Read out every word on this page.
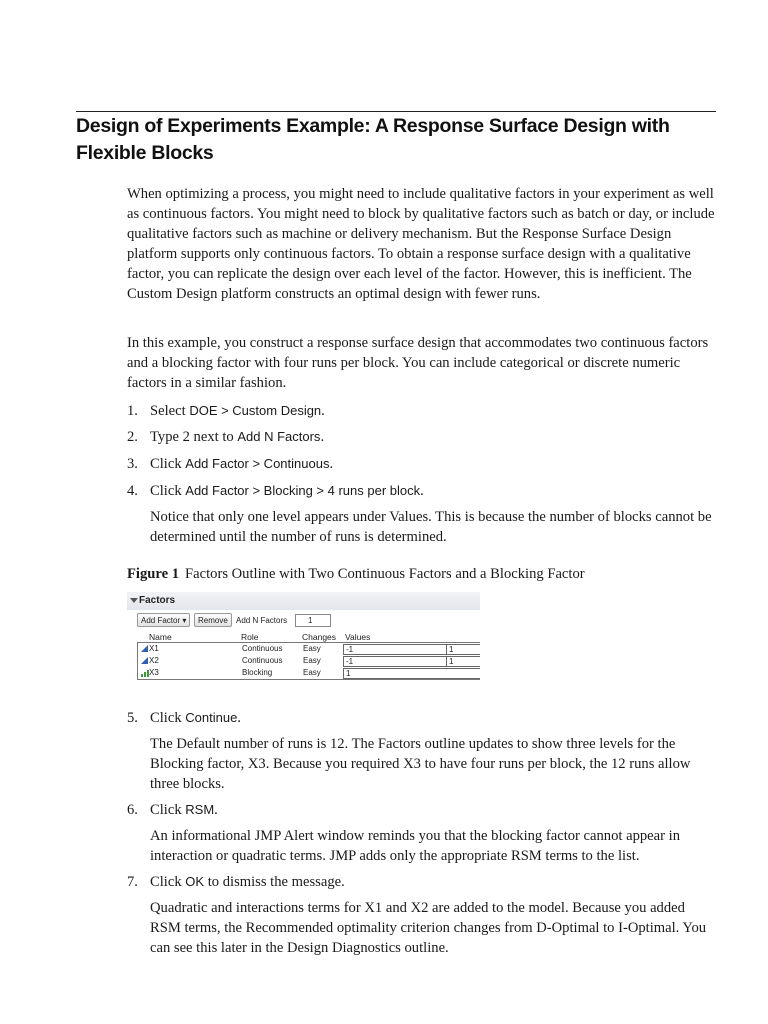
Design of Experiments Example: A Response Surface Design with Flexible Blocks

When optimizing a process, you might need to include qualitative factors in your experiment as well as continuous factors. You might need to block by qualitative factors such as batch or day, or include qualitative factors such as machine or delivery mechanism. But the Response Surface Design platform supports only continuous factors. To obtain a response surface design with a qualitative factor, you can replicate the design over each level of the factor. However, this is inefficient. The Custom Design platform constructs an optimal design with fewer runs.

In this example, you construct a response surface design that accommodates two continuous factors and a blocking factor with four runs per block. You can include categorical or discrete numeric factors in a similar fashion.

1. Select DOE > Custom Design.
2. Type 2 next to Add N Factors.
3. Click Add Factor > Continuous.
4. Click Add Factor > Blocking > 4 runs per block.

Notice that only one level appears under Values. This is because the number of blocks cannot be determined until the number of runs is determined.

Figure 1 Factors Outline with Two Continuous Factors and a Blocking Factor
Factors
Add Factor ▾	Remove	Add N Factors	1
Name	Role	Changes Values
X1	Continuous	Easy	-1	1
X2	Continuous	Easy	-1	1
X3	Blocking	Easy	1
5. Click Continue.

The Default number of runs is 12. The Factors outline updates to show three levels for the Blocking factor, X3. Because you required X3 to have four runs per block, the 12 runs allow three blocks.

6. Click RSM.

An informational JMP Alert window reminds you that the blocking factor cannot appear in interaction or quadratic terms. JMP adds only the appropriate RSM terms to the list.

7. Click OK to dismiss the message.

Quadratic and interactions terms for X1 and X2 are added to the model. Because you added RSM terms, the Recommended optimality criterion changes from D-Optimal to I-Optimal. You can see this later in the Design Diagnostics outline.
